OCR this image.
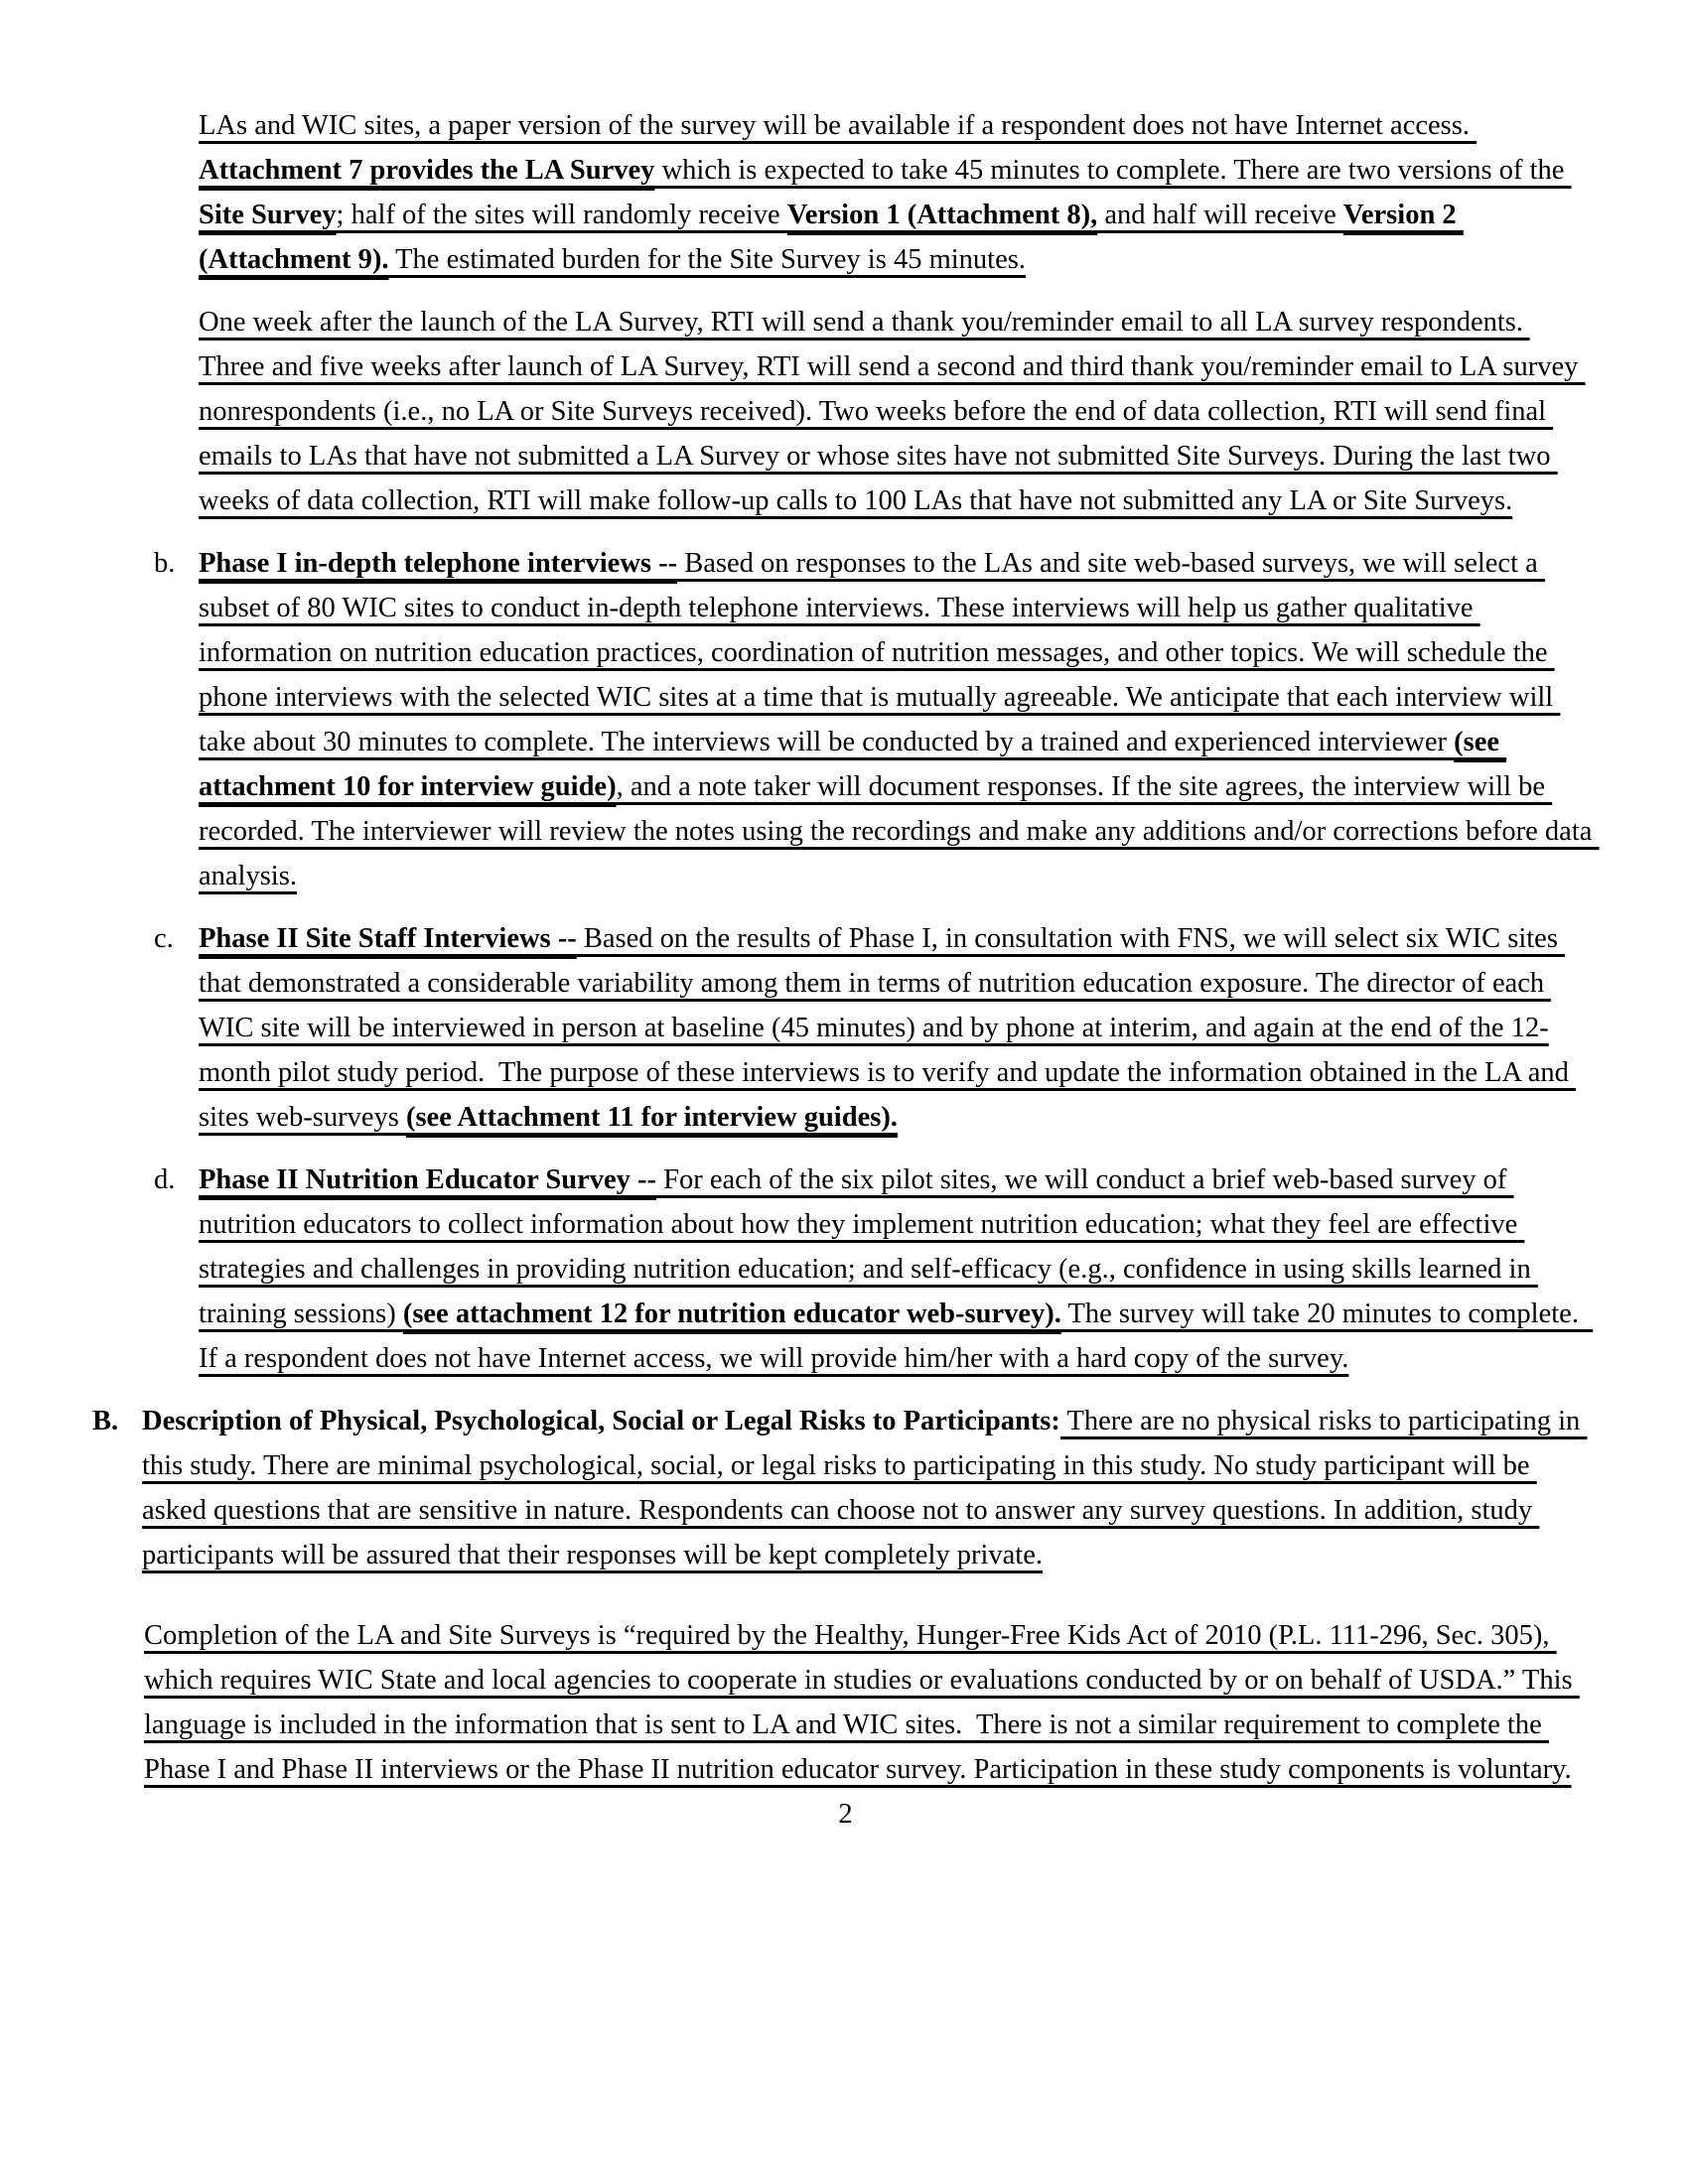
LAs and WIC sites, a paper version of the survey will be available if a respondent does not have Internet access. Attachment 7 provides the LA Survey which is expected to take 45 minutes to complete. There are two versions of the Site Survey; half of the sites will randomly receive Version 1 (Attachment 8), and half will receive Version 2 (Attachment 9). The estimated burden for the Site Survey is 45 minutes.

One week after the launch of the LA Survey, RTI will send a thank you/reminder email to all LA survey respondents. Three and five weeks after launch of LA Survey, RTI will send a second and third thank you/reminder email to LA survey nonrespondents (i.e., no LA or Site Surveys received). Two weeks before the end of data collection, RTI will send final emails to LAs that have not submitted a LA Survey or whose sites have not submitted Site Surveys. During the last two weeks of data collection, RTI will make follow-up calls to 100 LAs that have not submitted any LA or Site Surveys.

b. Phase I in-depth telephone interviews -- Based on responses to the LAs and site web-based surveys, we will select a subset of 80 WIC sites to conduct in-depth telephone interviews. These interviews will help us gather qualitative information on nutrition education practices, coordination of nutrition messages, and other topics. We will schedule the phone interviews with the selected WIC sites at a time that is mutually agreeable. We anticipate that each interview will take about 30 minutes to complete. The interviews will be conducted by a trained and experienced interviewer (see attachment 10 for interview guide), and a note taker will document responses. If the site agrees, the interview will be recorded. The interviewer will review the notes using the recordings and make any additions and/or corrections before data analysis.

c. Phase II Site Staff Interviews -- Based on the results of Phase I, in consultation with FNS, we will select six WIC sites that demonstrated a considerable variability among them in terms of nutrition education exposure. The director of each WIC site will be interviewed in person at baseline (45 minutes) and by phone at interim, and again at the end of the 12-month pilot study period.  The purpose of these interviews is to verify and update the information obtained in the LA and sites web-surveys (see Attachment 11 for interview guides).

d. Phase II Nutrition Educator Survey -- For each of the six pilot sites, we will conduct a brief web-based survey of nutrition educators to collect information about how they implement nutrition education; what they feel are effective strategies and challenges in providing nutrition education; and self-efficacy (e.g., confidence in using skills learned in training sessions) (see attachment 12 for nutrition educator web-survey). The survey will take 20 minutes to complete.  If a respondent does not have Internet access, we will provide him/her with a hard copy of the survey.

B. Description of Physical, Psychological, Social or Legal Risks to Participants: There are no physical risks to participating in this study. There are minimal psychological, social, or legal risks to participating in this study. No study participant will be asked questions that are sensitive in nature. Respondents can choose not to answer any survey questions. In addition, study participants will be assured that their responses will be kept completely private.

Completion of the LA and Site Surveys is “required by the Healthy, Hunger-Free Kids Act of 2010 (P.L. 111-296, Sec. 305), which requires WIC State and local agencies to cooperate in studies or evaluations conducted by or on behalf of USDA.” This language is included in the information that is sent to LA and WIC sites.  There is not a similar requirement to complete the Phase I and Phase II interviews or the Phase II nutrition educator survey. Participation in these study components is voluntary.

2
